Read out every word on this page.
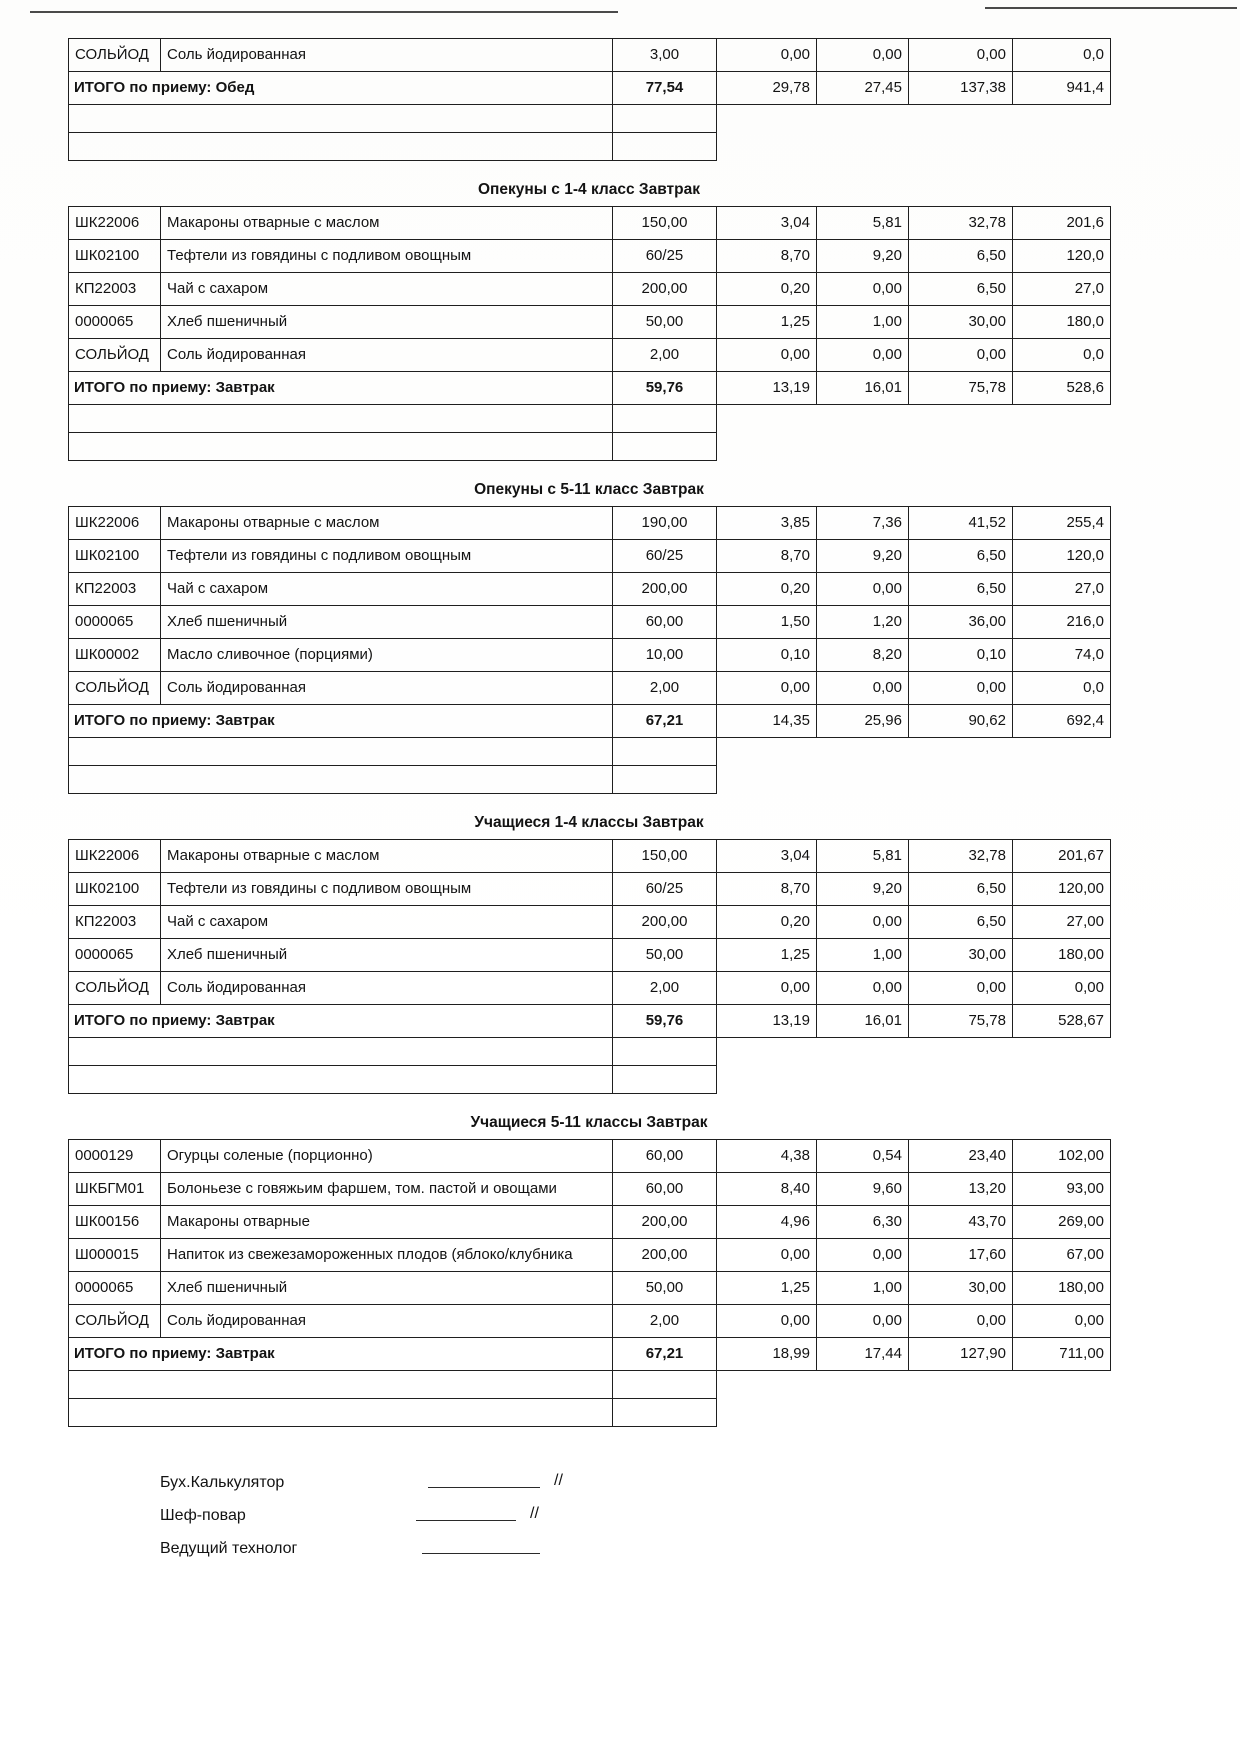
СОЛЬЙОД	Соль йодированная	3,00	0,00	0,00	0,00	0,0
ИТОГО по приему: Обед		77,54	29,78	27,45	137,38	941,4

Опекуны с 1-4 класс Завтрак
ШК22006	Макароны отварные с маслом	150,00	3,04	5,81	32,78	201,6
ШК02100	Тефтели из говядины с подливом овощным	60/25	8,70	9,20	6,50	120,0
КП22003	Чай с сахаром	200,00	0,20	0,00	6,50	27,0
0000065	Хлеб пшеничный	50,00	1,25	1,00	30,00	180,0
СОЛЬЙОД	Соль йодированная	2,00	0,00	0,00	0,00	0,0
ИТОГО по приему: Завтрак		59,76	13,19	16,01	75,78	528,6

Опекуны с 5-11 класс Завтрак
ШК22006	Макароны отварные с маслом	190,00	3,85	7,36	41,52	255,4
ШК02100	Тефтели из говядины с подливом овощным	60/25	8,70	9,20	6,50	120,0
КП22003	Чай с сахаром	200,00	0,20	0,00	6,50	27,0
0000065	Хлеб пшеничный	60,00	1,50	1,20	36,00	216,0
ШК00002	Масло сливочное (порциями)	10,00	0,10	8,20	0,10	74,0
СОЛЬЙОД	Соль йодированная	2,00	0,00	0,00	0,00	0,0
ИТОГО по приему: Завтрак		67,21	14,35	25,96	90,62	692,4

Учащиеся 1-4 классы Завтрак
ШК22006	Макароны отварные с маслом	150,00	3,04	5,81	32,78	201,67
ШК02100	Тефтели из говядины с подливом овощным	60/25	8,70	9,20	6,50	120,00
КП22003	Чай с сахаром	200,00	0,20	0,00	6,50	27,00
0000065	Хлеб пшеничный	50,00	1,25	1,00	30,00	180,00
СОЛЬЙОД	Соль йодированная	2,00	0,00	0,00	0,00	0,00
ИТОГО по приему: Завтрак		59,76	13,19	16,01	75,78	528,67

Учащиеся 5-11 классы Завтрак
0000129	Огурцы соленые (порционно)	60,00	4,38	0,54	23,40	102,00
ШКБГМ01	Болоньезе с говяжьим фаршем, том. пастой и овощами	60,00	8,40	9,60	13,20	93,00
ШК00156	Макароны отварные	200,00	4,96	6,30	43,70	269,00
Ш000015	Напиток из свежезамороженных плодов (яблоко/клубника	200,00	0,00	0,00	17,60	67,00
0000065	Хлеб пшеничный	50,00	1,25	1,00	30,00	180,00
СОЛЬЙОД	Соль йодированная	2,00	0,00	0,00	0,00	0,00
ИТОГО по приему: Завтрак		67,21	18,99	17,44	127,90	711,00

Бух.Калькулятор	//
Шеф-повар	//
Ведущий технолог
